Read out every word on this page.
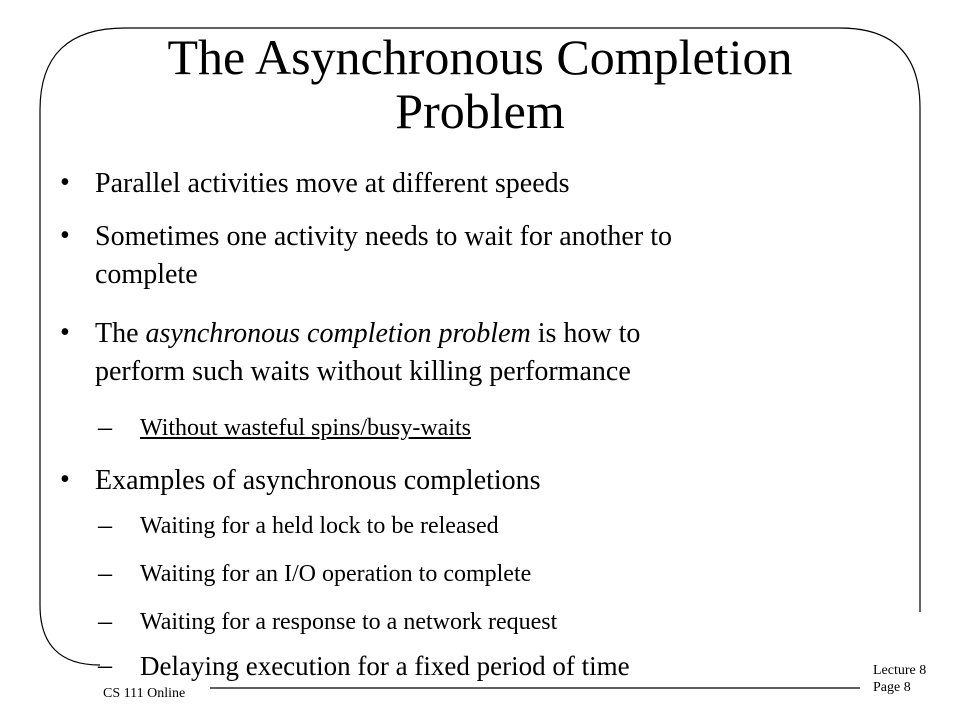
The Asynchronous Completion
Problem
• Parallel activities move at different speeds
• Sometimes one activity needs to wait for another to
complete
• The asynchronous completion problem is how to
perform such waits without killing performance
– Without wasteful spins/busy-waits
• Examples of asynchronous completions
– Waiting for a held lock to be released
– Waiting for an I/O operation to complete
– Waiting for a response to a network request
– Delaying execution for a fixed period of time
CS 111 Online
Lecture 8
Page 8
